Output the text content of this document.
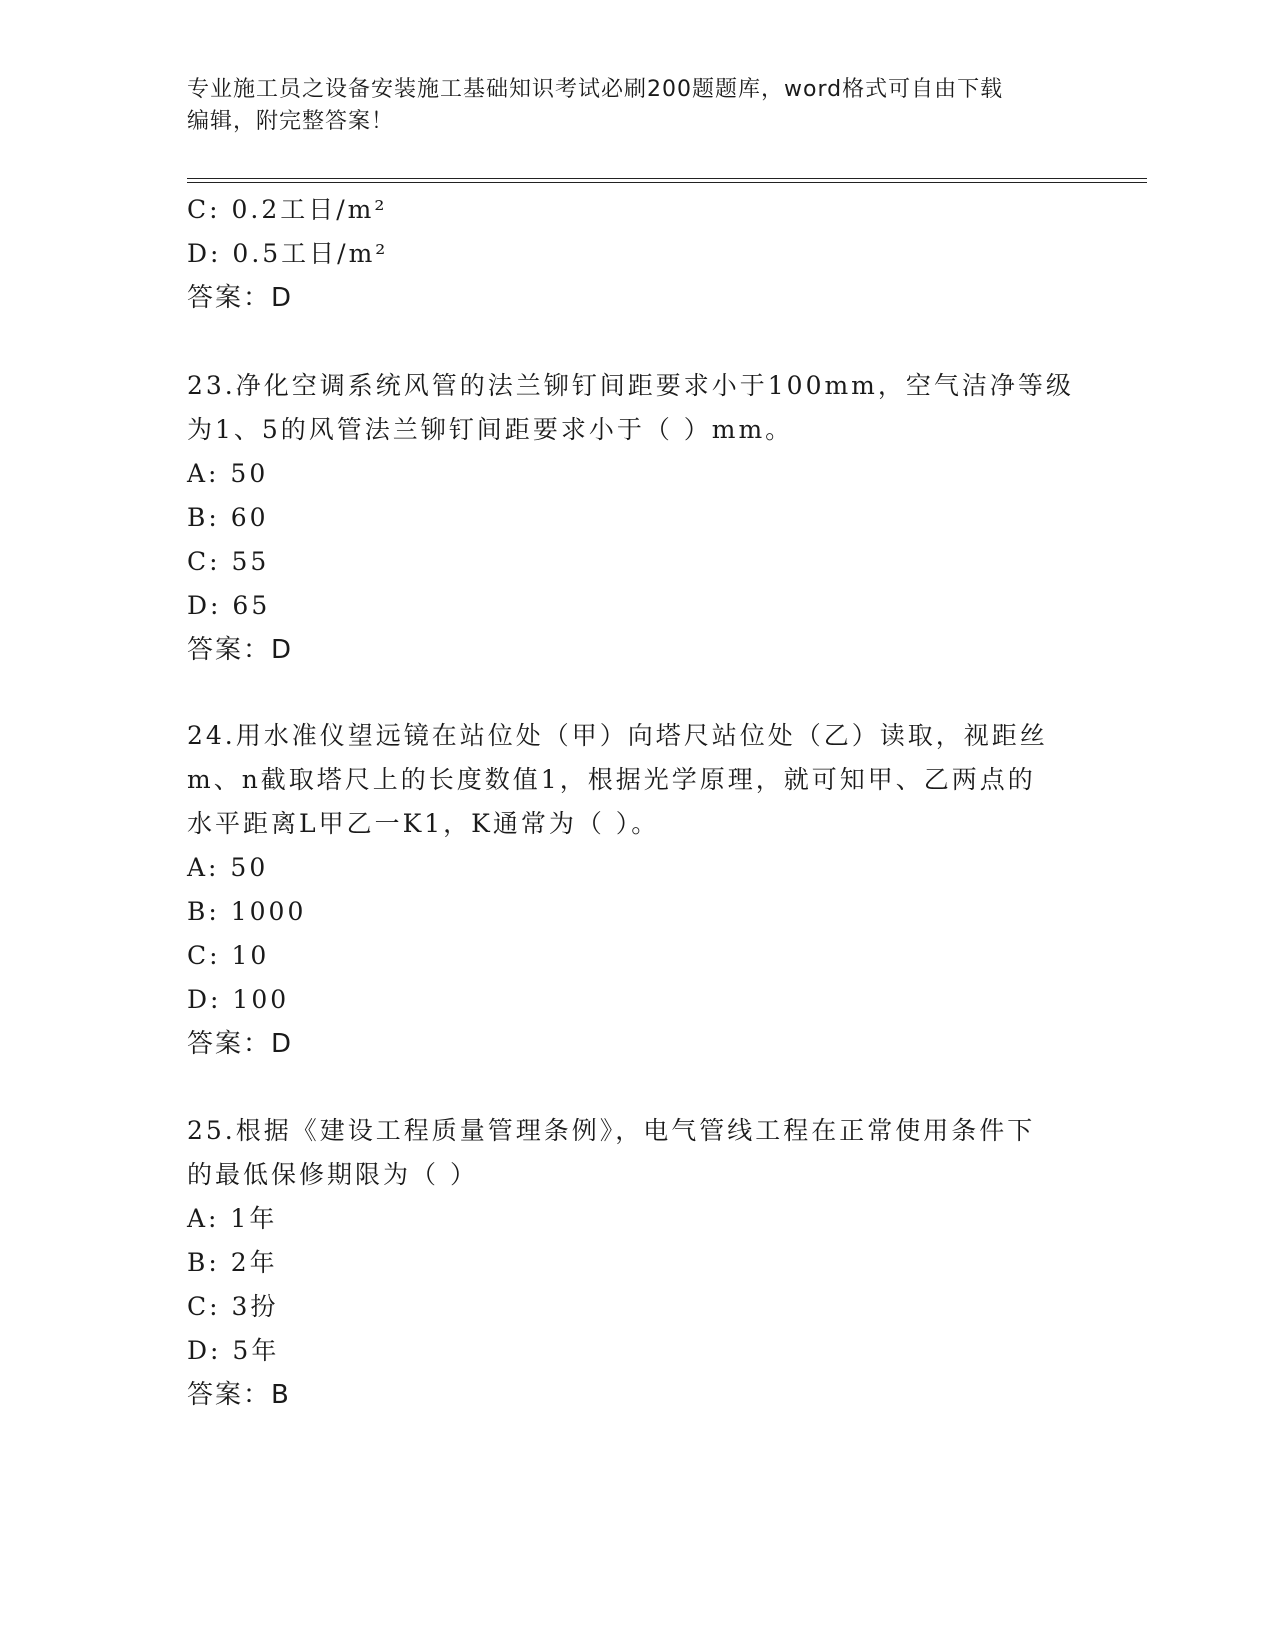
专业施工员之设备安装施工基础知识考试必刷200题题库，word格式可自由下载
编辑，附完整答案！
C: 0.2工日/m²
D: 0.5工日/m²
答案：D
23.净化空调系统风管的法兰铆钉间距要求小于100mm，空气洁净等级
为1、5的风管法兰铆钉间距要求小于（ ）mm。
A: 50
B: 60
C: 55
D: 65
答案：D
24.用水准仪望远镜在站位处（甲）向塔尺站位处（乙）读取，视距丝
m、n截取塔尺上的长度数值1，根据光学原理，就可知甲、乙两点的
水平距离L甲乙一K1，K通常为（ ）。
A: 50
B: 1000
C: 10
D: 100
答案：D
25.根据《建设工程质量管理条例》，电气管线工程在正常使用条件下
的最低保修期限为（ ）
A: 1年
B: 2年
C: 3扮
D: 5年
答案：B
